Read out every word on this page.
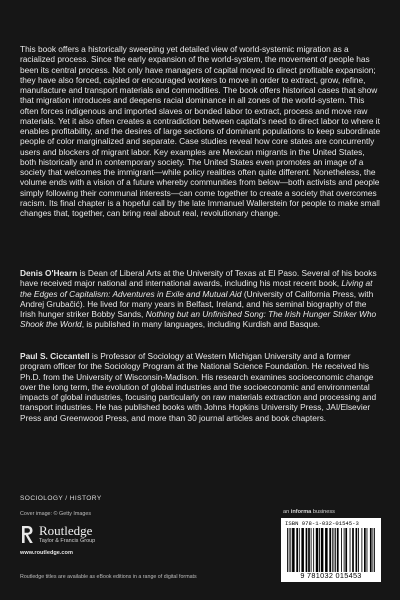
This book offers a historically sweeping yet detailed view of world-systemic migration as a racialized process. Since the early expansion of the world-system, the movement of people has been its central process. Not only have managers of capital moved to direct profitable expansion; they have also forced, cajoled or encouraged workers to move in order to extract, grow, refine, manufacture and transport materials and commodities. The book offers historical cases that show that migration introduces and deepens racial dominance in all zones of the world-system. This often forces indigenous and imported slaves or bonded labor to extract, process and move raw materials. Yet it also often creates a contradiction between capital's need to direct labor to where it enables profitability, and the desires of large sections of dominant populations to keep subordinate people of color marginalized and separate. Case studies reveal how core states are concurrently users and blockers of migrant labor. Key examples are Mexican migrants in the United States, both historically and in contemporary society. The United States even promotes an image of a society that welcomes the immigrant—while policy realities often quite different. Nonetheless, the volume ends with a vision of a future whereby communities from below—both activists and people simply following their communal interests—can come together to create a society that overcomes racism. Its final chapter is a hopeful call by the late Immanuel Wallerstein for people to make small changes that, together, can bring real about real, revolutionary change.

Denis O'Hearn is Dean of Liberal Arts at the University of Texas at El Paso. Several of his books have received major national and international awards, including his most recent book, Living at the Edges of Capitalism: Adventures in Exile and Mutual Aid (University of California Press, with Andrej Grubačić). He lived for many years in Belfast, Ireland, and his seminal biography of the Irish hunger striker Bobby Sands, Nothing but an Unfinished Song: The Irish Hunger Striker Who Shook the World, is published in many languages, including Kurdish and Basque.

Paul S. Ciccantell is Professor of Sociology at Western Michigan University and a former program officer for the Sociology Program at the National Science Foundation. He received his Ph.D. from the University of Wisconsin-Madison. His research examines socioeconomic change over the long term, the evolution of global industries and the socioeconomic and environmental impacts of global industries, focusing particularly on raw materials extraction and processing and transport industries. He has published books with Johns Hopkins University Press, JAI/Elsevier Press and Greenwood Press, and more than 30 journal articles and book chapters.

SOCIOLOGY / HISTORY
Cover image: © Getty Images
Routledge
Taylor & Francis Group
www.routledge.com
Routledge titles are available as eBook editions in a range of digital formats
an informa business
ISBN 978-1-032-01545-3
9 781032 015453
